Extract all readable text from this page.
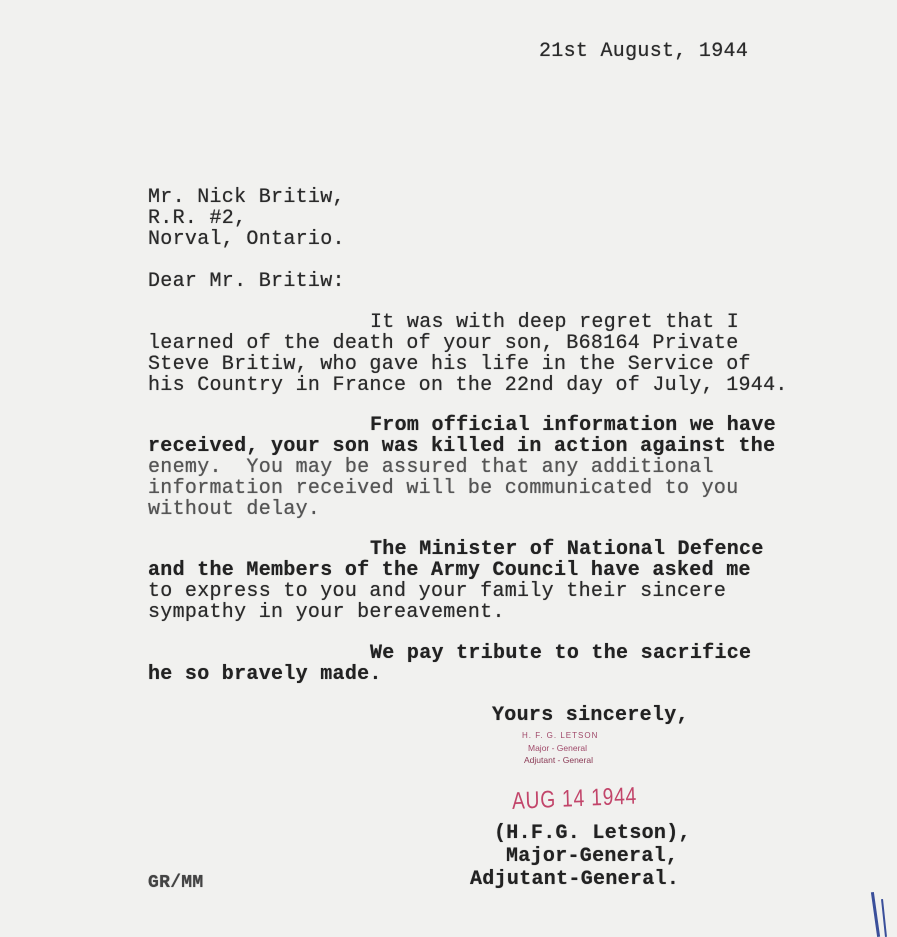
21st August, 1944
Mr. Nick Britiw,
R.R. #2,
Norval, Ontario.
Dear Mr. Britiw:
It was with deep regret that I
learned of the death of your son, B68164 Private
Steve Britiw, who gave his life in the Service of
his Country in France on the 22nd day of July, 1944.
From official information we have
received, your son was killed in action against the
enemy.  You may be assured that any additional
information received will be communicated to you
without delay.
The Minister of National Defence
and the Members of the Army Council have asked me
to express to you and your family their sincere
sympathy in your bereavement.
We pay tribute to the sacrifice
he so bravely made.
Yours sincerely,
H. F. G. LETSON
Major - General
Adjutant - General
AUG 14 1944
(H.F.G. Letson),
Major-General,
Adjutant-General.
GR/MM
